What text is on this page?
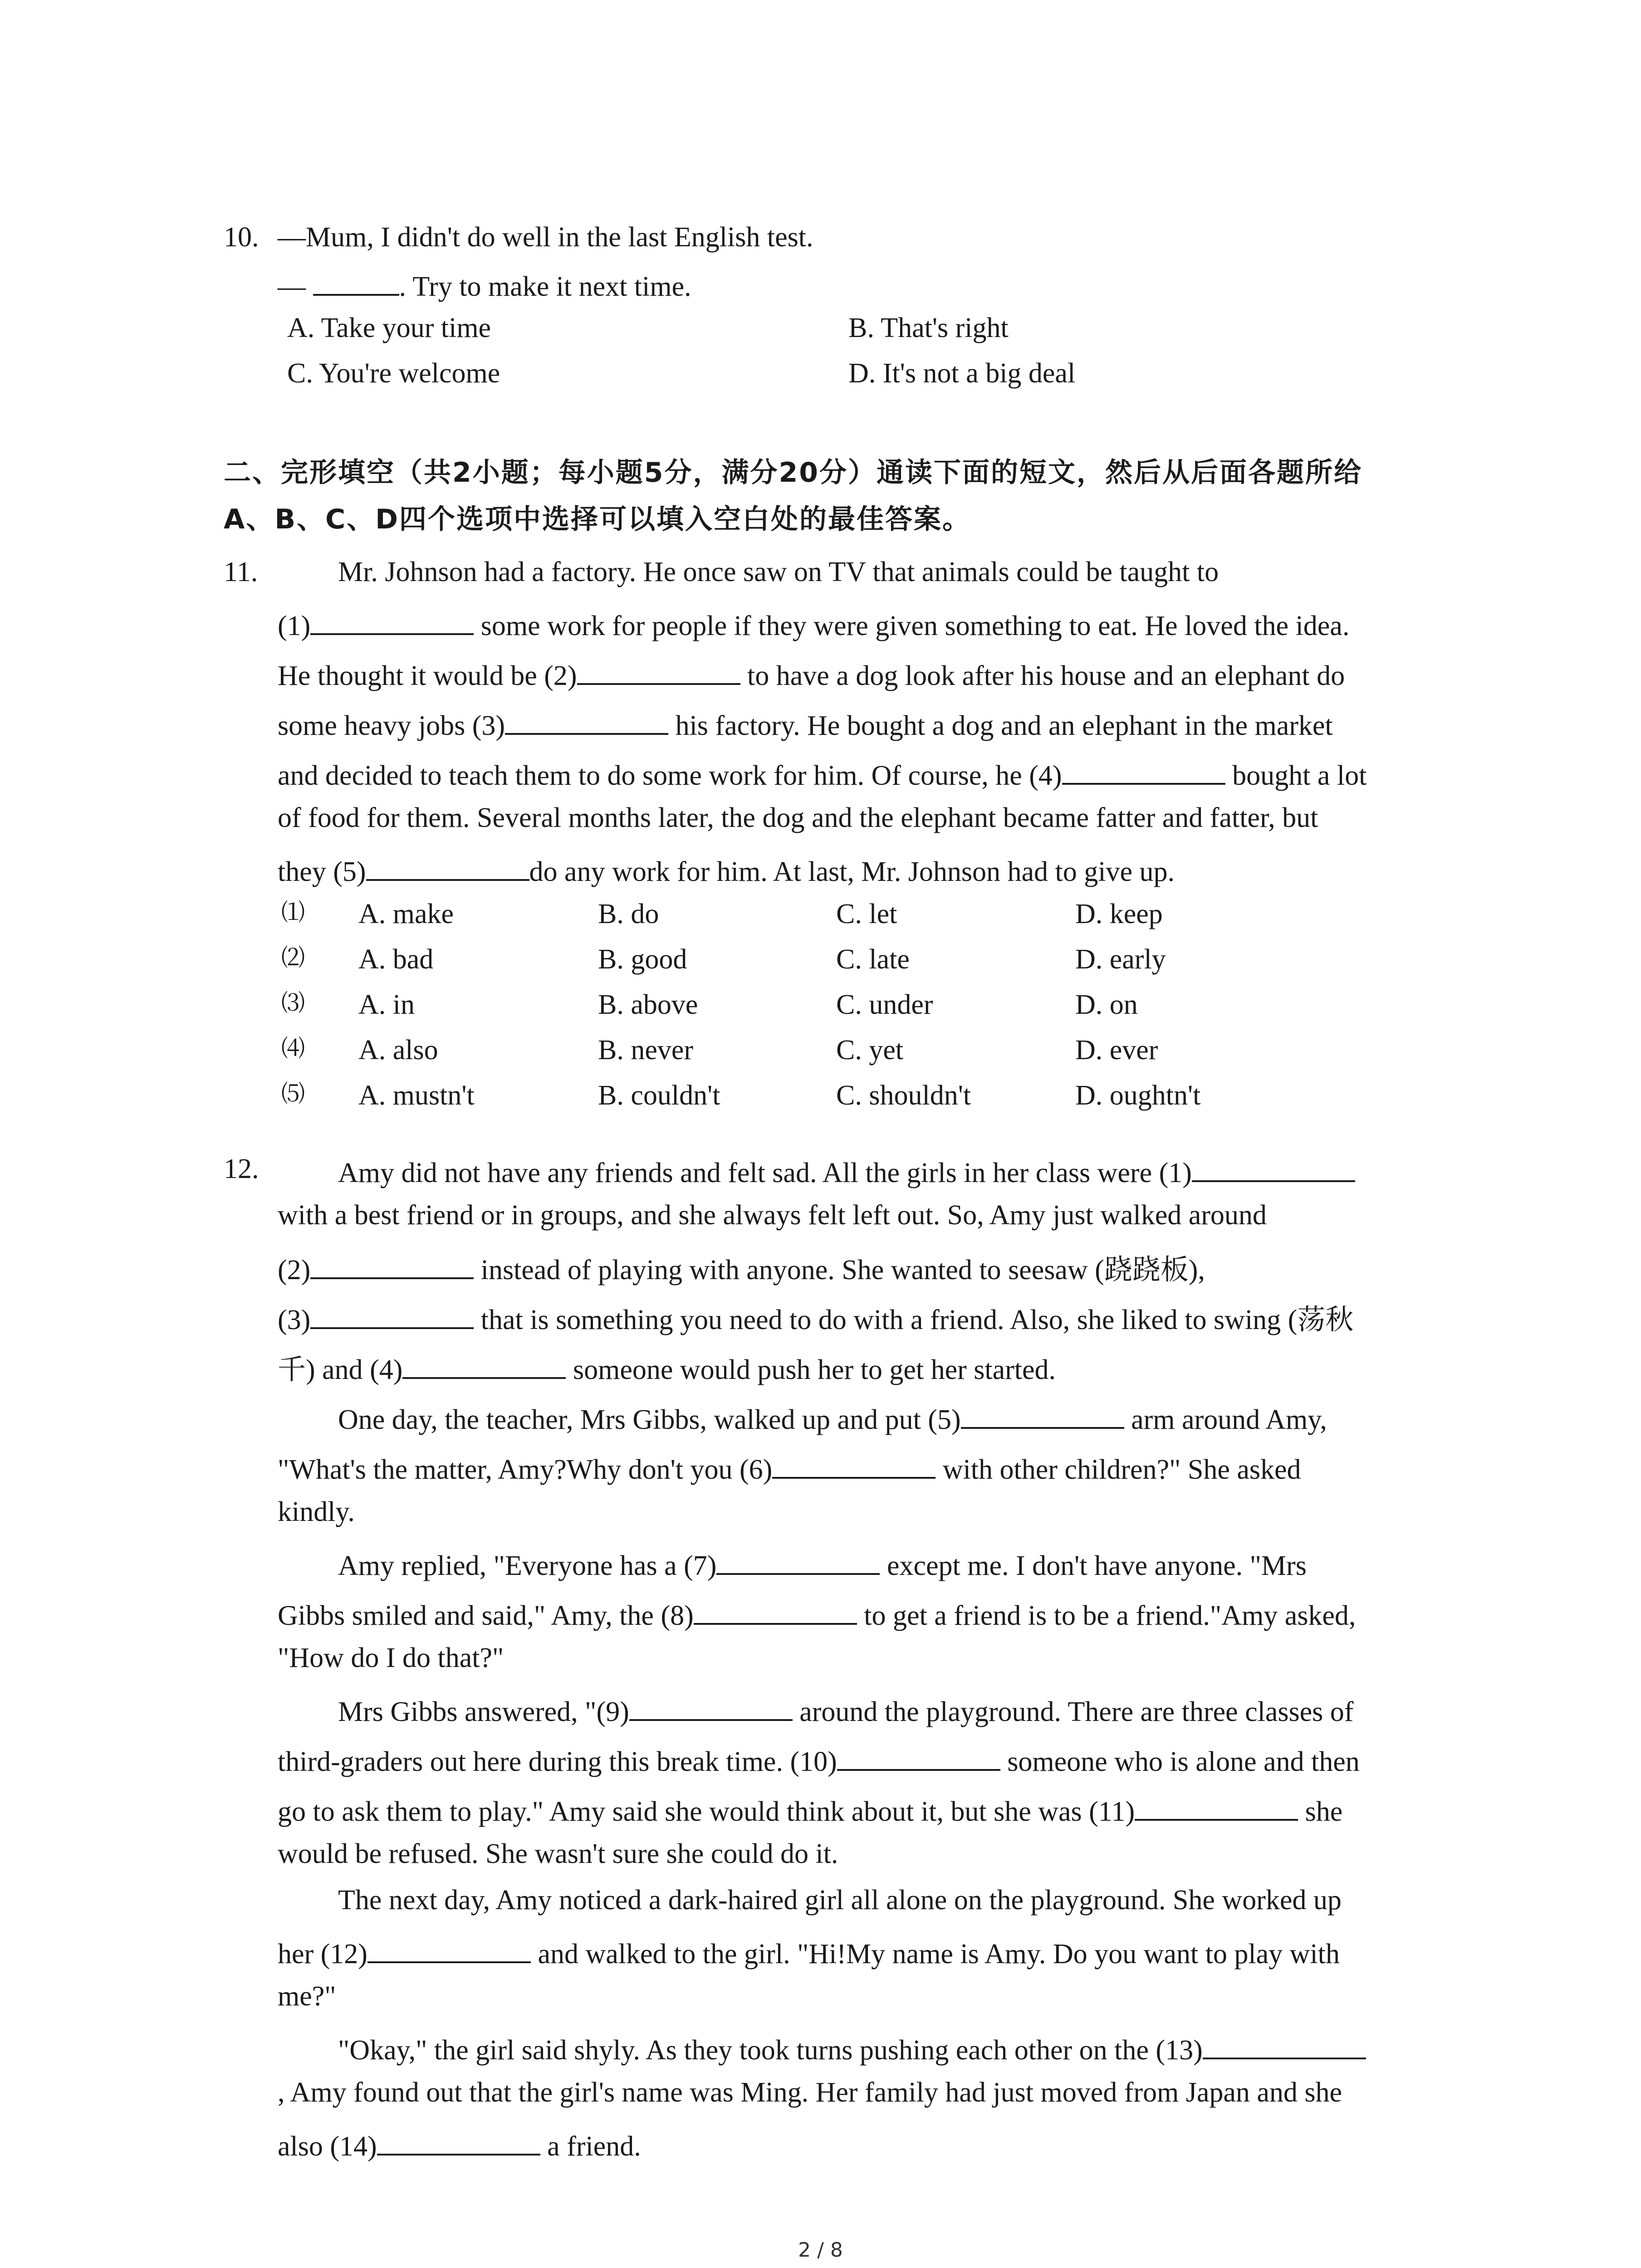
10. —Mum, I didn't do well in the last English test.
—	. Try to make it next time.
A. Take your time	B. That's right
C. You're welcome	D. It's not a big deal
二、完形填空（共2小题；每小题5分，满分20分）通读下面的短文，然后从后面各题所给
A、B、C、D四个选项中选择可以填入空白处的最佳答案。
11.	Mr. Johnson had a factory. He once saw on TV that animals could be taught to
(1)	some work for people if they were given something to eat. He loved the idea.
He thought it would be (2)	to have a dog look after his house and an elephant do
some heavy jobs (3)	his factory. He bought a dog and an elephant in the market
and decided to teach them to do some work for him. Of course, he (4)	bought a lot
of food for them. Several months later, the dog and the elephant became fatter and fatter, but
they (5)	do any work for him. At last, Mr. Johnson had to give up.
⑴ A. make	B. do	C. let	D. keep
⑵ A. bad	B. good	C. late	D. early
⑶ A. in	B. above	C. under	D. on
⑷ A. also	B. never	C. yet	D. ever
⑸ A. mustn't	B. couldn't	C. shouldn't	D. oughtn't
12.	Amy did not have any friends and felt sad. All the girls in her class were (1)
with a best friend or in groups, and she always felt left out. So, Amy just walked around
(2)	instead of playing with anyone. She wanted to seesaw (跷跷板),
(3)	that is something you need to do with a friend. Also, she liked to swing (荡秋
千) and (4)	someone would push her to get her started.
One day, the teacher, Mrs Gibbs, walked up and put (5)	arm around Amy,
"What's the matter, Amy?Why don't you (6)	with other children?" She asked
kindly.
Amy replied, "Everyone has a (7)	except me. I don't have anyone. "Mrs
Gibbs smiled and said," Amy, the (8)	to get a friend is to be a friend."Amy asked,
"How do I do that?"
Mrs Gibbs answered, "(9)	around the playground. There are three classes of
third-graders out here during this break time. (10)	someone who is alone and then
go to ask them to play." Amy said she would think about it, but she was (11)	she
would be refused. She wasn't sure she could do it.
The next day, Amy noticed a dark-haired girl all alone on the playground. She worked up
her (12)	and walked to the girl. "Hi!My name is Amy. Do you want to play with
me?"
"Okay," the girl said shyly. As they took turns pushing each other on the (13)
, Amy found out that the girl's name was Ming. Her family had just moved from Japan and she
also (14)	a friend.
2 / 8
